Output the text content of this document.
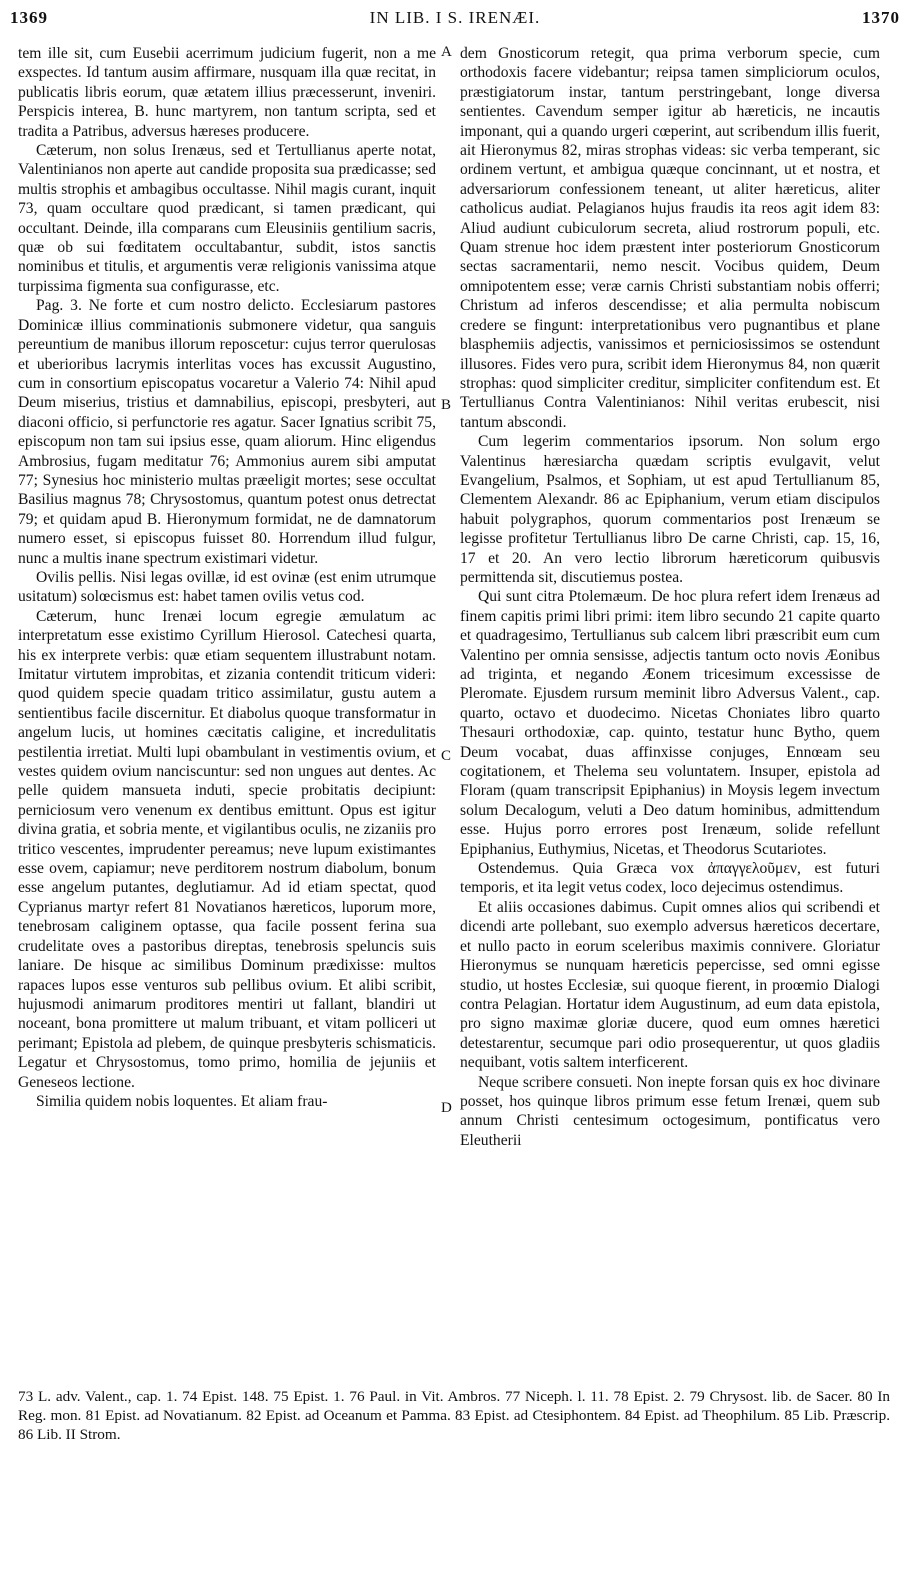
1369	IN LIB. I S. IRENÆI.	1370
A
B
C
D

tem ille sit, cum Eusebii acerrimum judicium fugerit, non a me exspectes. Id tantum ausim affirmare, nusquam illa quæ recitat, in publicatis libris eorum, quæ ætatem illius præcesserunt, inveniri. Perspicis interea, B. hunc martyrem, non tantum scripta, sed et tradita a Patribus, adversus hæreses producere.

Cæterum, non solus Irenæus, sed et Tertullianus aperte notat, Valentinianos non aperte aut candide proposita sua prædicasse; sed multis strophis et ambagibus occultasse. Nihil magis curant, inquit 73, quam occultare quod prædicant, si tamen prædicant, qui occultant. Deinde, illa comparans cum Eleusiniis gentilium sacris, quæ ob sui fœditatem occultabantur, subdit, istos sanctis nominibus et titulis, et argumentis veræ religionis vanissima atque turpissima figmenta sua configurasse, etc.

Pag. 3. Ne forte et cum nostro delicto. Ecclesiarum pastores Dominicæ illius comminationis submonere videtur, qua sanguis pereuntium de manibus illorum reposcetur: cujus terror querulosas et uberioribus lacrymis interlitas voces has excussit Augustino, cum in consortium episcopatus vocaretur a Valerio 74: Nihil apud Deum miserius, tristius et damnabilius, episcopi, presbyteri, aut diaconi officio, si perfunctorie res agatur. Sacer Ignatius scribit 75, episcopum non tam sui ipsius esse, quam aliorum. Hinc eligendus Ambrosius, fugam meditatur 76; Ammonius aurem sibi amputat 77; Synesius hoc ministerio multas præeligit mortes; sese occultat Basilius magnus 78; Chrysostomus, quantum potest onus detrectat 79; et quidam apud B. Hieronymum formidat, ne de damnatorum numero esset, si episcopus fuisset 80. Horrendum illud fulgur, nunc a multis inane spectrum existimari videtur.

Ovilis pellis. Nisi legas ovillæ, id est ovinæ (est enim utrumque usitatum) solœcismus est: habet tamen ovilis vetus cod.

Cæterum, hunc Irenæi locum egregie æmulatum ac interpretatum esse existimo Cyrillum Hierosol. Catechesi quarta, his ex interprete verbis: quæ etiam sequentem illustrabunt notam. Imitatur virtutem improbitas, et zizania contendit triticum videri: quod quidem specie quadam tritico assimilatur, gustu autem a sentientibus facile discernitur. Et diabolus quoque transformatur in angelum lucis, ut homines cæcitatis caligine, et incredulitatis pestilentia irretiat. Multi lupi obambulant in vestimentis ovium, et vestes quidem ovium nanciscuntur: sed non ungues aut dentes. Ac pelle quidem mansueta induti, specie probitatis decipiunt: perniciosum vero venenum ex dentibus emittunt. Opus est igitur divina gratia, et sobria mente, et vigilantibus oculis, ne zizaniis pro tritico vescentes, imprudenter pereamus; neve lupum existimantes esse ovem, capiamur; neve perditorem nostrum diabolum, bonum esse angelum putantes, deglutiamur. Ad id etiam spectat, quod Cyprianus martyr refert 81 Novatianos hæreticos, luporum more, tenebrosam caliginem optasse, qua facile possent ferina sua crudelitate oves a pastoribus direptas, tenebrosis speluncis suis laniare. De hisque ac similibus Dominum prædixisse: multos rapaces lupos esse venturos sub pellibus ovium. Et alibi scribit, hujusmodi animarum proditores mentiri ut fallant, blandiri ut noceant, bona promittere ut malum tribuant, et vitam polliceri ut perimant; Epistola ad plebem, de quinque presbyteris schismaticis. Legatur et Chrysostomus, tomo primo, homilia de jejuniis et Geneseos lectione.

Similia quidem nobis loquentes. Et aliam frau-

dem Gnosticorum retegit, qua prima verborum specie, cum orthodoxis facere videbantur; reipsa tamen simpliciorum oculos, præstigiatorum instar, tantum perstringebant, longe diversa sentientes. Cavendum semper igitur ab hæreticis, ne incautis imponant, qui a quando urgeri cœperint, aut scribendum illis fuerit, ait Hieronymus 82, miras strophas videas: sic verba temperant, sic ordinem vertunt, et ambigua quæque concinnant, ut et nostra, et adversariorum confessionem teneant, ut aliter hæreticus, aliter catholicus audiat. Pelagianos hujus fraudis ita reos agit idem 83: Aliud audiunt cubiculorum secreta, aliud rostrorum populi, etc. Quam strenue hoc idem præstent inter posteriorum Gnosticorum sectas sacramentarii, nemo nescit. Vocibus quidem, Deum omnipotentem esse; veræ carnis Christi substantiam nobis offerri; Christum ad inferos descendisse; et alia permulta nobiscum credere se fingunt: interpretationibus vero pugnantibus et plane blasphemiis adjectis, vanissimos et perniciosissimos se ostendunt illusores. Fides vero pura, scribit idem Hieronymus 84, non quærit strophas: quod simpliciter creditur, simpliciter confitendum est. Et Tertullianus Contra Valentinianos: Nihil veritas erubescit, nisi tantum abscondi.

Cum legerim commentarios ipsorum. Non solum ergo Valentinus hæresiarcha quædam scriptis evulgavit, velut Evangelium, Psalmos, et Sophiam, ut est apud Tertullianum 85, Clementem Alexandr. 86 ac Epiphanium, verum etiam discipulos habuit polygraphos, quorum commentarios post Irenæum se legisse profitetur Tertullianus libro De carne Christi, cap. 15, 16, 17 et 20. An vero lectio librorum hæreticorum quibusvis permittenda sit, discutiemus postea.

Qui sunt citra Ptolemæum. De hoc plura refert idem Irenæus ad finem capitis primi libri primi: item libro secundo 21 capite quarto et quadragesimo, Tertullianus sub calcem libri præscribit eum cum Valentino per omnia sensisse, adjectis tantum octo novis Æonibus ad triginta, et negando Æonem tricesimum excessisse de Pleromate. Ejusdem rursum meminit libro Adversus Valent., cap. quarto, octavo et duodecimo. Nicetas Choniates libro quarto Thesauri orthodoxiæ, cap. quinto, testatur hunc Bytho, quem Deum vocabat, duas affinxisse conjuges, Ennœam seu cogitationem, et Thelema seu voluntatem. Insuper, epistola ad Floram (quam transcripsit Epiphanius) in Moysis legem invectum solum Decalogum, veluti a Deo datum hominibus, admittendum esse. Hujus porro errores post Irenæum, solide refellunt Epiphanius, Euthymius, Nicetas, et Theodorus Scutariotes.

Ostendemus. Quia Græca vox ἀπαγγελοῦμεν, est futuri temporis, et ita legit vetus codex, loco dejecimus ostendimus.

Et aliis occasiones dabimus. Cupit omnes alios qui scribendi et dicendi arte pollebant, suo exemplo adversus hæreticos decertare, et nullo pacto in eorum sceleribus maximis connivere. Gloriatur Hieronymus se nunquam hæreticis pepercisse, sed omni egisse studio, ut hostes Ecclesiæ, sui quoque fierent, in proœmio Dialogi contra Pelagian. Hortatur idem Augustinum, ad eum data epistola, pro signo maximæ gloriæ ducere, quod eum omnes hæretici detestarentur, secumque pari odio prosequerentur, ut quos gladiis nequibant, votis saltem interficerent.

Neque scribere consueti. Non inepte forsan quis ex hoc divinare posset, hos quinque libros primum esse fetum Irenæi, quem sub annum Christi centesimum octogesimum, pontificatus vero Eleutherii

73 L. adv. Valent., cap. 1. 74 Epist. 148. 75 Epist. 1. 76 Paul. in Vit. Ambros. 77 Niceph. l. 11. 78 Epist. 2. 79 Chrysost. lib. de Sacer. 80 In Reg. mon. 81 Epist. ad Novatianum. 82 Epist. ad Oceanum et Pamma. 83 Epist. ad Ctesiphontem. 84 Epist. ad Theophilum. 85 Lib. Præscrip. 86 Lib. II Strom.
